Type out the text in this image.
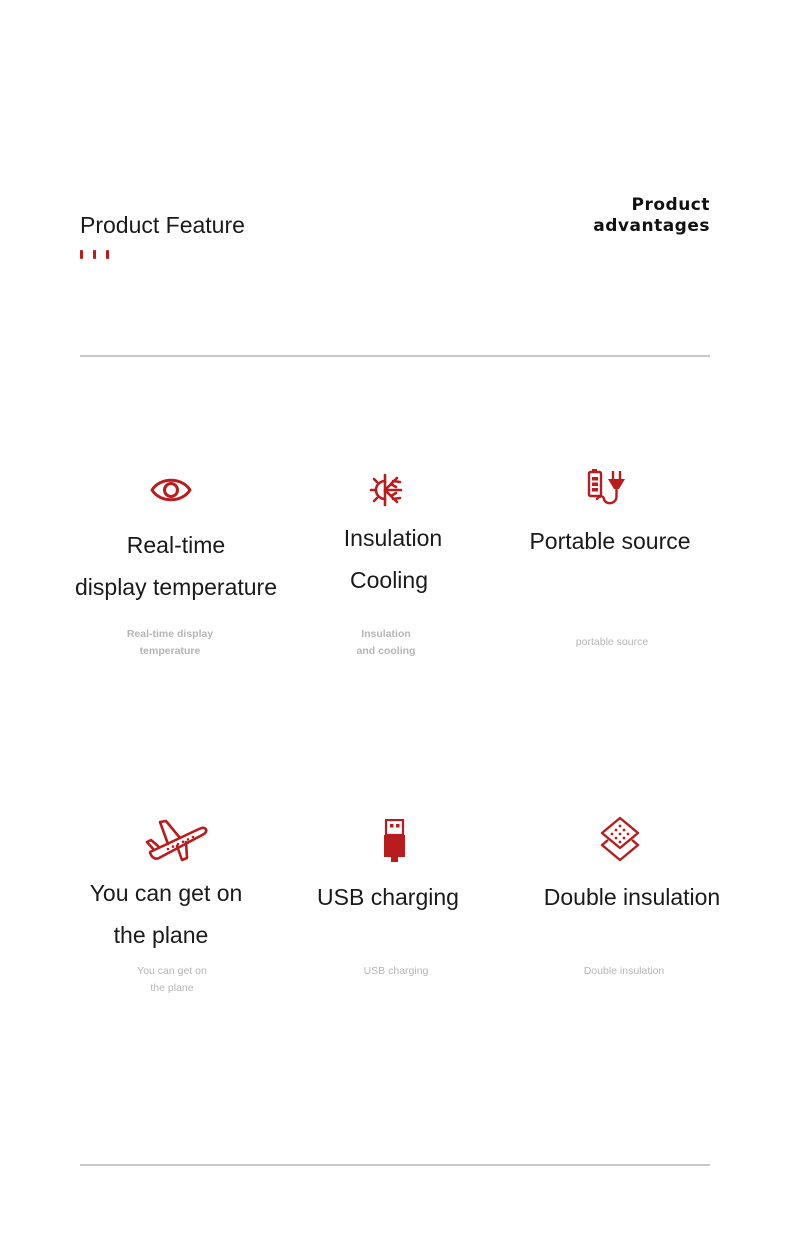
Product Feature
Product
advantages
Real-time
display temperature
Real-time display
temperature
Insulation
Cooling
Insulation
and cooling
Portable source
portable source
You can get on
the plane
You can get on
the plane
USB charging
USB charging
Double insulation
Double insulation
